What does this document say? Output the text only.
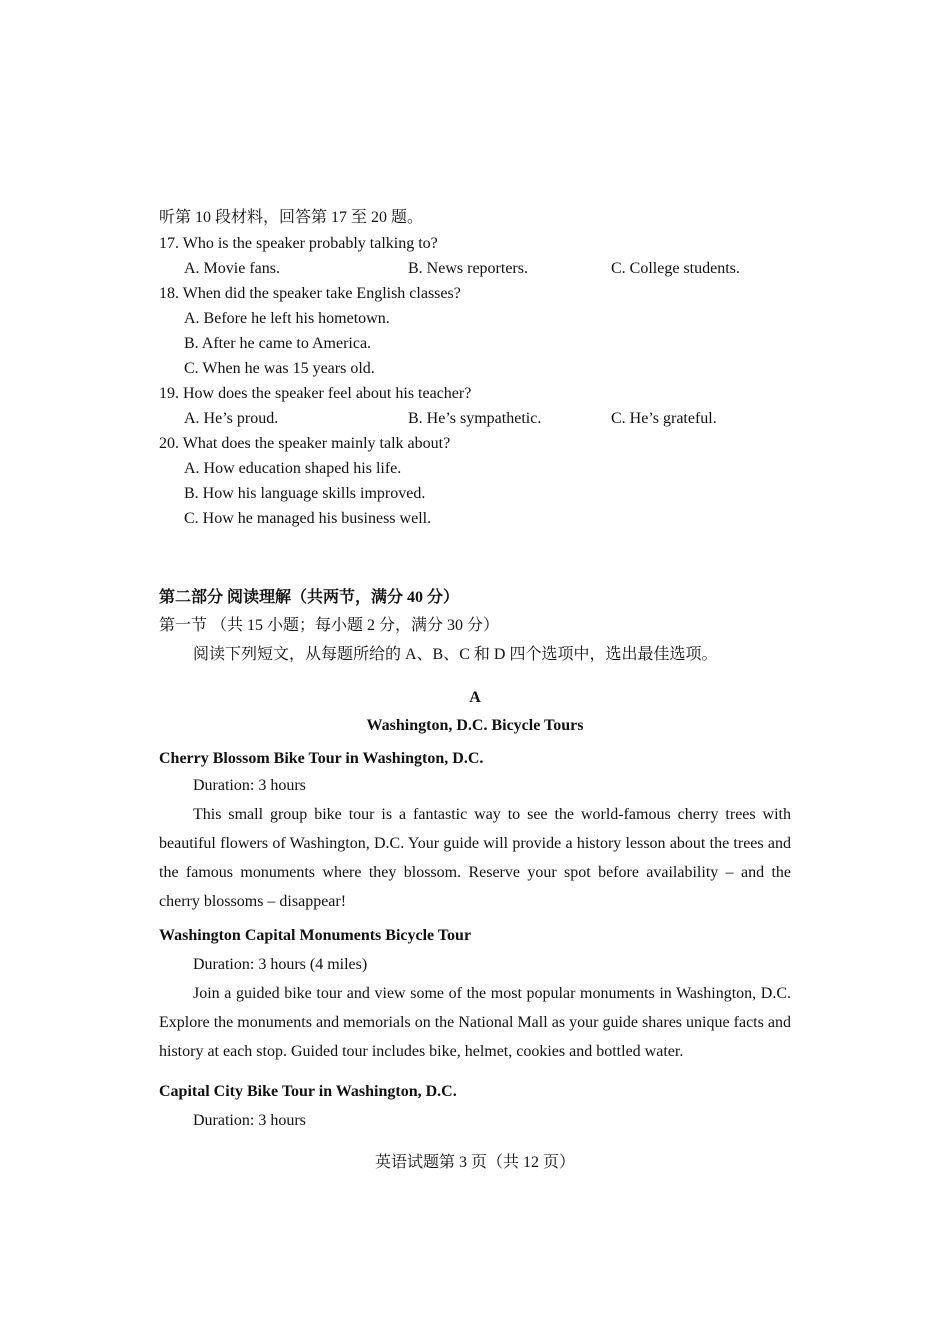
听第 10 段材料，回答第 17 至 20 题。
17. Who is the speaker probably talking to?
A. Movie fans.	B. News reporters.	C. College students.
18. When did the speaker take English classes?
A. Before he left his hometown.
B. After he came to America.
C. When he was 15 years old.
19. How does the speaker feel about his teacher?
A. He’s proud.	B. He’s sympathetic.	C. He’s grateful.
20. What does the speaker mainly talk about?
A. How education shaped his life.
B. How his language skills improved.
C. How he managed his business well.
第二部分 阅读理解（共两节，满分 40 分）
第一节 （共 15 小题；每小题 2 分，满分 30 分）
阅读下列短文，从每题所给的 A、B、C 和 D 四个选项中，选出最佳选项。
A
Washington, D.C. Bicycle Tours
Cherry Blossom Bike Tour in Washington, D.C.
Duration: 3 hours
This small group bike tour is a fantastic way to see the world-famous cherry trees with beautiful flowers of Washington, D.C. Your guide will provide a history lesson about the trees and the famous monuments where they blossom. Reserve your spot before availability – and the cherry blossoms – disappear!
Washington Capital Monuments Bicycle Tour
Duration: 3 hours (4 miles)
Join a guided bike tour and view some of the most popular monuments in Washington, D.C. Explore the monuments and memorials on the National Mall as your guide shares unique facts and history at each stop. Guided tour includes bike, helmet, cookies and bottled water.
Capital City Bike Tour in Washington, D.C.
Duration: 3 hours
英语试题第 3 页（共 12 页）
